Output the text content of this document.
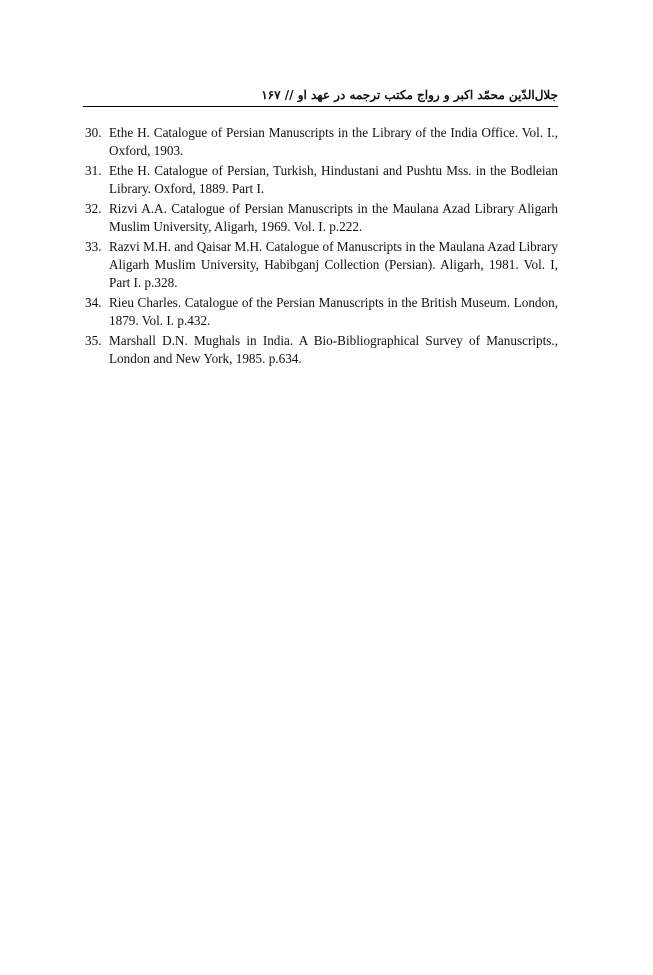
جلال‌الدّین محمّد اکبر و رواج مکتب ترجمه در عهد او // ۱۶۷
30. Ethe H. Catalogue of Persian Manuscripts in the Library of the India Office. Vol. I., Oxford, 1903.
31. Ethe H. Catalogue of Persian, Turkish, Hindustani and Pushtu Mss. in the Bodleian Library. Oxford, 1889. Part I.
32. Rizvi A.A. Catalogue of Persian Manuscripts in the Maulana Azad Library Aligarh Muslim University, Aligarh, 1969. Vol. I. p.222.
33. Razvi M.H. and Qaisar M.H. Catalogue of Manuscripts in the Maulana Azad Library Aligarh Muslim University, Habibganj Collection (Persian). Aligarh, 1981. Vol. I, Part I. p.328.
34. Rieu Charles. Catalogue of the Persian Manuscripts in the British Museum. London, 1879. Vol. I. p.432.
35. Marshall D.N. Mughals in India. A Bio-Bibliographical Survey of Manuscripts., London and New York, 1985. p.634.
